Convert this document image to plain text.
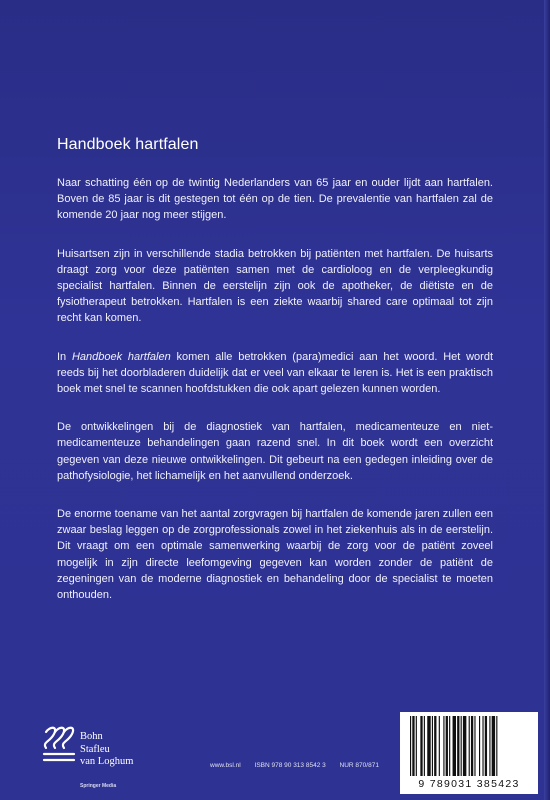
Handboek hartfalen

Naar schatting één op de twintig Nederlanders van 65 jaar en ouder lijdt aan hartfalen. Boven de 85 jaar is dit gestegen tot één op de tien. De prevalentie van hartfalen zal de komende 20 jaar nog meer stijgen.

Huisartsen zijn in verschillende stadia betrokken bij patiënten met hartfalen. De huisarts draagt zorg voor deze patiënten samen met de cardioloog en de verpleegkundig specialist hartfalen. Binnen de eerstelijn zijn ook de apotheker, de diëtiste en de fysiotherapeut betrokken. Hartfalen is een ziekte waarbij shared care optimaal tot zijn recht kan komen.

In Handboek hartfalen komen alle betrokken (para)medici aan het woord. Het wordt reeds bij het doorbladeren duidelijk dat er veel van elkaar te leren is. Het is een praktisch boek met snel te scannen hoofdstukken die ook apart gelezen kunnen worden.

De ontwikkelingen bij de diagnostiek van hartfalen, medicamenteuze en niet-medicamenteuze behandelingen gaan razend snel. In dit boek wordt een overzicht gegeven van deze nieuwe ontwikkelingen. Dit gebeurt na een gedegen inleiding over de pathofysiologie, het lichamelijk en het aanvullend onderzoek.

De enorme toename van het aantal zorgvragen bij hartfalen de komende jaren zullen een zwaar beslag leggen op de zorgprofessionals zowel in het ziekenhuis als in de eerstelijn. Dit vraagt om een optimale samenwerking waarbij de zorg voor de patiënt zoveel mogelijk in zijn directe leefomgeving gegeven kan worden zonder de patiënt de zegeningen van de moderne diagnostiek en behandeling door de specialist te moeten onthouden.

Bohn
Stafleu
van Loghum
Springer Media
www.bsl.nl ISBN 978 90 313 8542 3 NUR 870/871
9 789031 385423
